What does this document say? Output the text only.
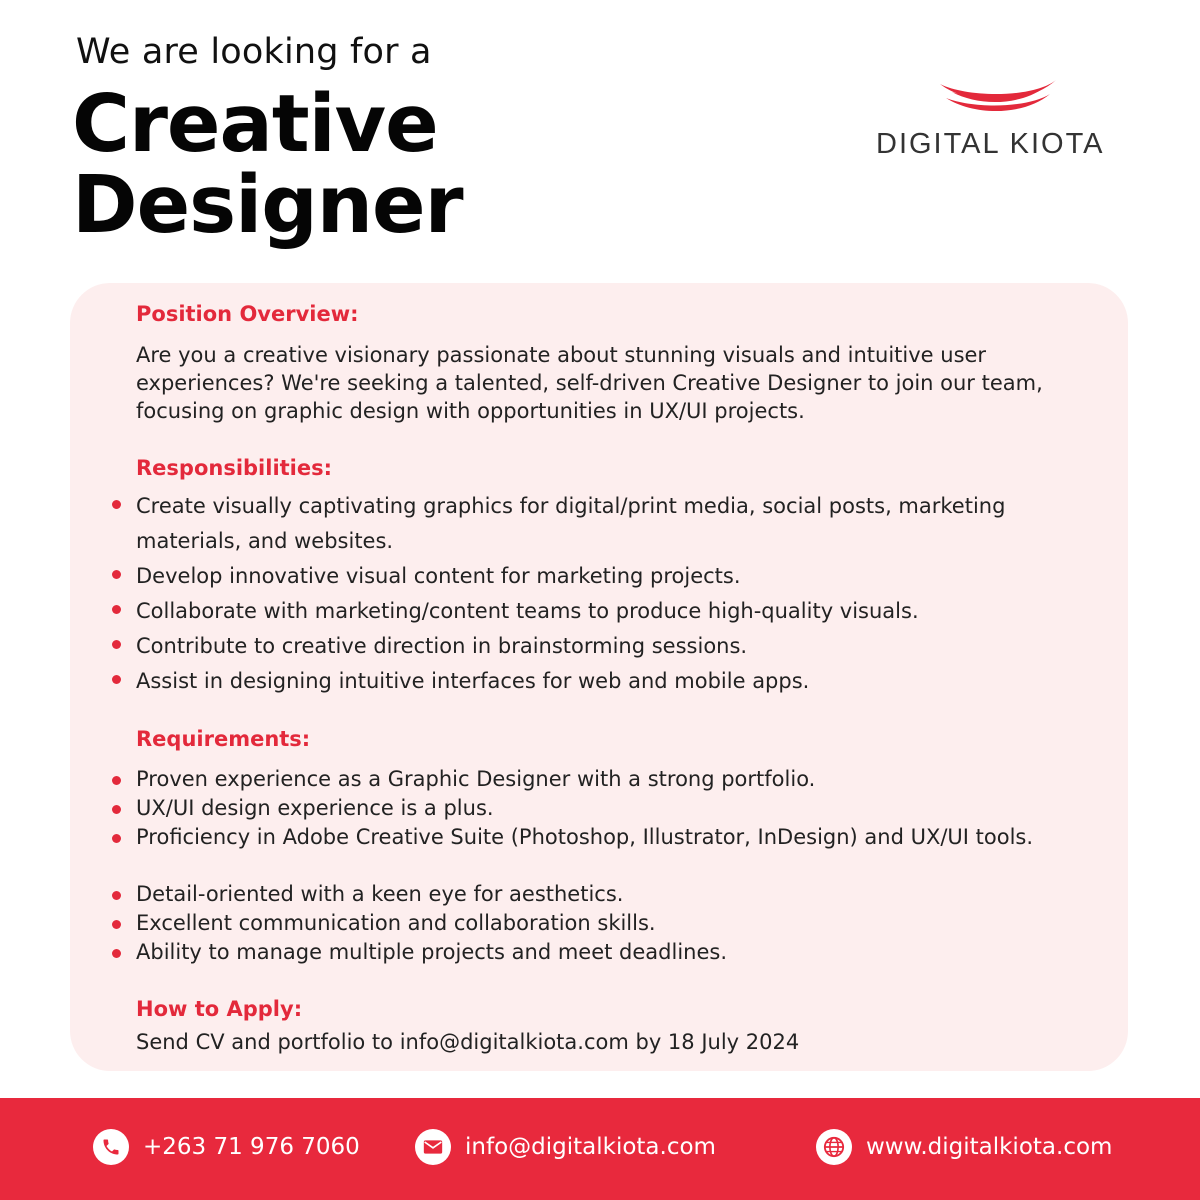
We are looking for a
Creative
Designer
DIGITAL KIOTA
Position Overview:
Are you a creative visionary passionate about stunning visuals and intuitive user experiences? We're seeking a talented, self-driven Creative Designer to join our team, focusing on graphic design with opportunities in UX/UI projects.
Responsibilities:
Create visually captivating graphics for digital/print media, social posts, marketing materials, and websites.
Develop innovative visual content for marketing projects.
Collaborate with marketing/content teams to produce high-quality visuals.
Contribute to creative direction in brainstorming sessions.
Assist in designing intuitive interfaces for web and mobile apps.
Requirements:
Proven experience as a Graphic Designer with a strong portfolio.
UX/UI design experience is a plus.
Proficiency in Adobe Creative Suite (Photoshop, Illustrator, InDesign) and UX/UI tools.
Detail-oriented with a keen eye for aesthetics.
Excellent communication and collaboration skills.
Ability to manage multiple projects and meet deadlines.
How to Apply:
Send CV and portfolio to info@digitalkiota.com by 18 July 2024
+263 71 976 7060	info@digitalkiota.com	www.digitalkiota.com
